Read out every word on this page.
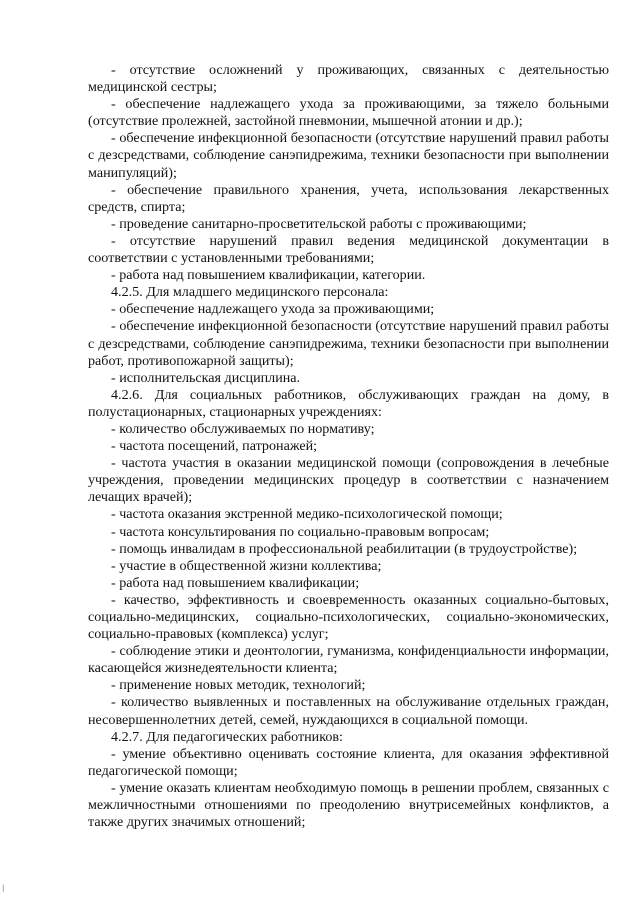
- отсутствие осложнений у проживающих, связанных с деятельностью медицинской сестры;

- обеспечение надлежащего ухода за проживающими, за тяжело больными (отсутствие пролежней, застойной пневмонии, мышечной атонии и др.);

- обеспечение инфекционной безопасности (отсутствие нарушений правил работы с дезсредствами, соблюдение санэпидрежима, техники безопасности при выполнении манипуляций);

- обеспечение правильного хранения, учета, использования лекарственных средств, спирта;

- проведение санитарно-просветительской работы с проживающими;

- отсутствие нарушений правил ведения медицинской документации в соответствии с установленными требованиями;

- работа над повышением квалификации, категории.

4.2.5. Для младшего медицинского персонала:

- обеспечение надлежащего ухода за проживающими;

- обеспечение инфекционной безопасности (отсутствие нарушений правил работы с дезсредствами, соблюдение санэпидрежима, техники безопасности при выполнении работ, противопожарной защиты);

- исполнительская дисциплина.

4.2.6. Для социальных работников, обслуживающих граждан на дому, в полустационарных, стационарных учреждениях:

- количество обслуживаемых по нормативу;

- частота посещений, патронажей;

- частота участия в оказании медицинской помощи (сопровождения в лечебные учреждения, проведении медицинских процедур в соответствии с назначением лечащих врачей);

- частота оказания экстренной медико-психологической помощи;

- частота консультирования по социально-правовым вопросам;

- помощь инвалидам в профессиональной реабилитации (в трудоустройстве);

- участие в общественной жизни коллектива;

- работа над повышением квалификации;

- качество, эффективность и своевременность оказанных социально-бытовых, социально-медицинских, социально-психологических, социально-экономических, социально-правовых (комплекса) услуг;

- соблюдение этики и деонтологии, гуманизма, конфиденциальности информации, касающейся жизнедеятельности клиента;

- применение новых методик, технологий;

- количество выявленных и поставленных на обслуживание отдельных граждан, несовершеннолетних детей, семей, нуждающихся в социальной помощи.

4.2.7. Для педагогических работников:

- умение объективно оценивать состояние клиента, для оказания эффективной педагогической помощи;

- умение оказать клиентам необходимую помощь в решении проблем, связанных с межличностными отношениями по преодолению внутрисемейных конфликтов, а также других значимых отношений;

|
